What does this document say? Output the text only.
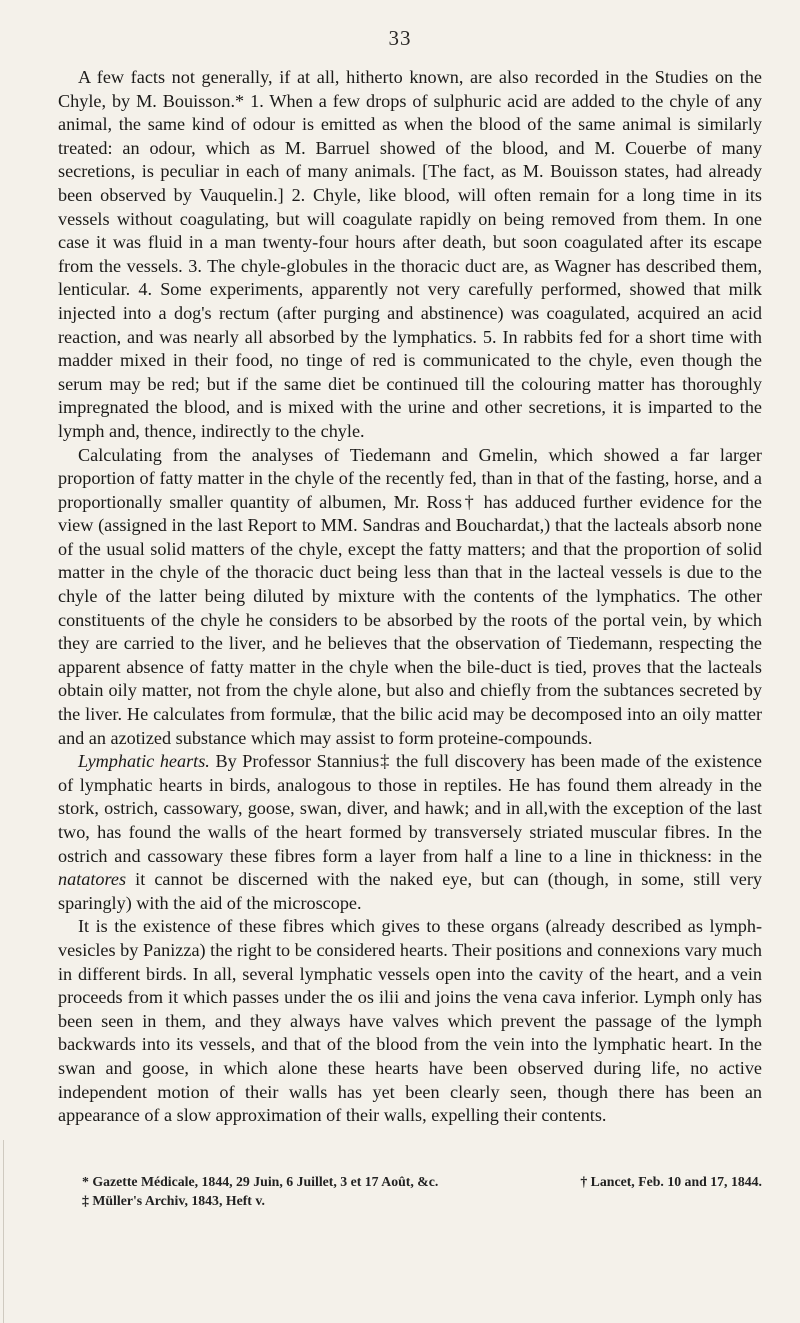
33

A few facts not generally, if at all, hitherto known, are also recorded in the Studies on the Chyle, by M. Bouisson.* 1. When a few drops of sulphuric acid are added to the chyle of any animal, the same kind of odour is emitted as when the blood of the same animal is similarly treated: an odour, which as M. Barruel showed of the blood, and M. Couerbe of many secretions, is peculiar in each of many animals. [The fact, as M. Bouisson states, had already been observed by Vauquelin.] 2. Chyle, like blood, will often remain for a long time in its vessels without coagulating, but will coagulate rapidly on being removed from them. In one case it was fluid in a man twenty-four hours after death, but soon coagulated after its escape from the vessels. 3. The chyle-globules in the thoracic duct are, as Wagner has described them, lenticular. 4. Some experiments, apparently not very carefully performed, showed that milk injected into a dog's rectum (after purging and abstinence) was coagulated, acquired an acid reaction, and was nearly all absorbed by the lymphatics. 5. In rabbits fed for a short time with madder mixed in their food, no tinge of red is communicated to the chyle, even though the serum may be red; but if the same diet be continued till the colouring matter has thoroughly impregnated the blood, and is mixed with the urine and other secretions, it is imparted to the lymph and, thence, indirectly to the chyle.

Calculating from the analyses of Tiedemann and Gmelin, which showed a far larger proportion of fatty matter in the chyle of the recently fed, than in that of the fasting, horse, and a proportionally smaller quantity of albumen, Mr. Ross† has adduced further evidence for the view (assigned in the last Report to MM. Sandras and Bouchardat,) that the lacteals absorb none of the usual solid matters of the chyle, except the fatty matters; and that the proportion of solid matter in the chyle of the thoracic duct being less than that in the lacteal vessels is due to the chyle of the latter being diluted by mixture with the contents of the lymphatics. The other constituents of the chyle he considers to be absorbed by the roots of the portal vein, by which they are carried to the liver, and he believes that the observation of Tiedemann, respecting the apparent absence of fatty matter in the chyle when the bile-duct is tied, proves that the lacteals obtain oily matter, not from the chyle alone, but also and chiefly from the subtances secreted by the liver. He calculates from formulæ, that the bilic acid may be decomposed into an oily matter and an azotized substance which may assist to form proteine-compounds.

Lymphatic hearts. By Professor Stannius‡ the full discovery has been made of the existence of lymphatic hearts in birds, analogous to those in reptiles. He has found them already in the stork, ostrich, cassowary, goose, swan, diver, and hawk; and in all,with the exception of the last two, has found the walls of the heart formed by transversely striated muscular fibres. In the ostrich and cassowary these fibres form a layer from half a line to a line in thickness: in the natatores it cannot be discerned with the naked eye, but can (though, in some, still very sparingly) with the aid of the microscope.

It is the existence of these fibres which gives to these organs (already described as lymph-vesicles by Panizza) the right to be considered hearts. Their positions and connexions vary much in different birds. In all, several lymphatic vessels open into the cavity of the heart, and a vein proceeds from it which passes under the os ilii and joins the vena cava inferior. Lymph only has been seen in them, and they always have valves which prevent the passage of the lymph backwards into its vessels, and that of the blood from the vein into the lymphatic heart. In the swan and goose, in which alone these hearts have been observed during life, no active independent motion of their walls has yet been clearly seen, though there has been an appearance of a slow approximation of their walls, expelling their contents.

* Gazette Médicale, 1844, 29 Juin, 6 Juillet, 3 et 17 Août, &c.	† Lancet, Feb. 10 and 17, 1844.
‡ Müller's Archiv, 1843, Heft v.
